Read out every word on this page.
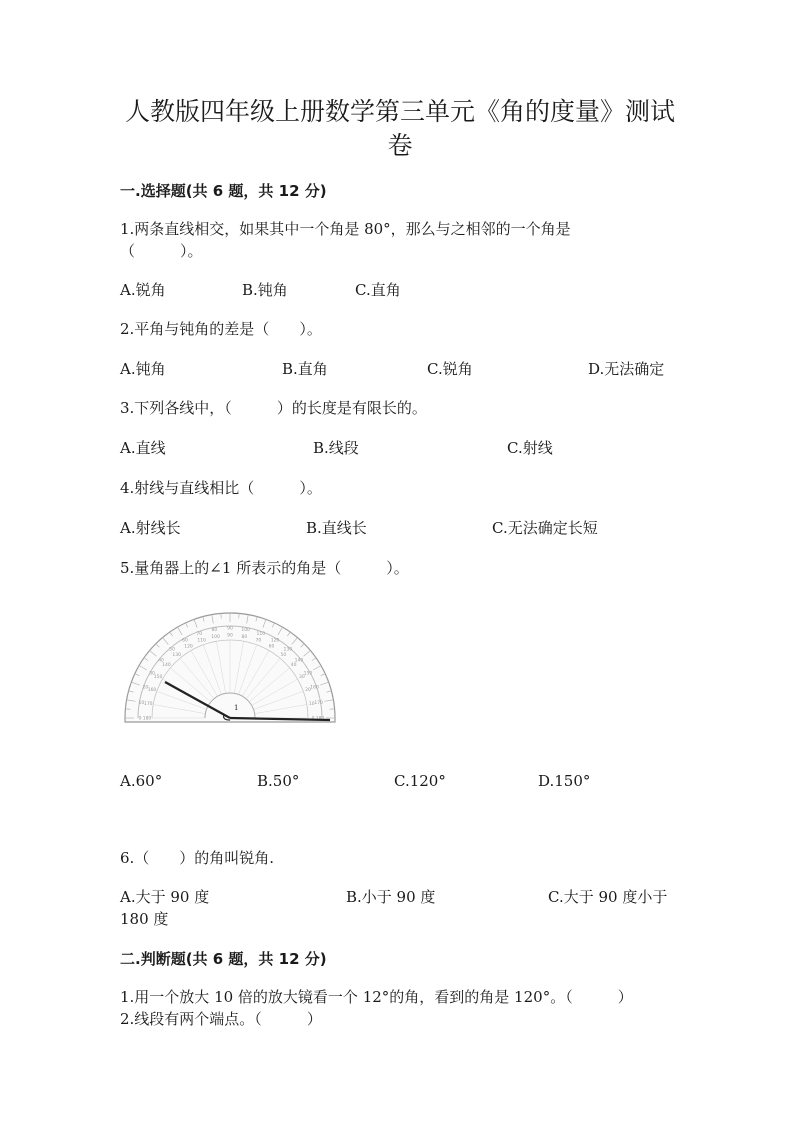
人教版四年级上册数学第三单元《角的度量》测试
卷
一.选择题(共 6 题，共 12 分)
1.两条直线相交，如果其中一个角是 80°，那么与之相邻的一个角是
（　　　）。
A.锐角	B.钝角	C.直角
2.平角与钝角的差是（　　）。
A.钝角	B.直角	C.锐角	D.无法确定
3.下列各线中，（　　　）的长度是有限长的。
A.直线	B.线段	C.射线
4.射线与直线相比（　　　）。
A.射线长	B.直线长	C.无法确定长短
5.量角器上的∠1 所表示的角是（　　　）。
170
10
160
20
150
30
140
40
130
50
120
60
110
70
100
80
90
90
80
100
70
110
60
120
50
130
40
140
30
150
20 160
10 170
0 180
1
A.60°	B.50°	C.120°	D.150°
6.（　　）的角叫锐角.
A.大于 90 度	B.小于 90 度	C.大于 90 度小于
180 度
二.判断题(共 6 题，共 12 分)
1.用一个放大 10 倍的放大镜看一个 12°的角，看到的角是 120°。（　　　）
2.线段有两个端点。（　　　）
